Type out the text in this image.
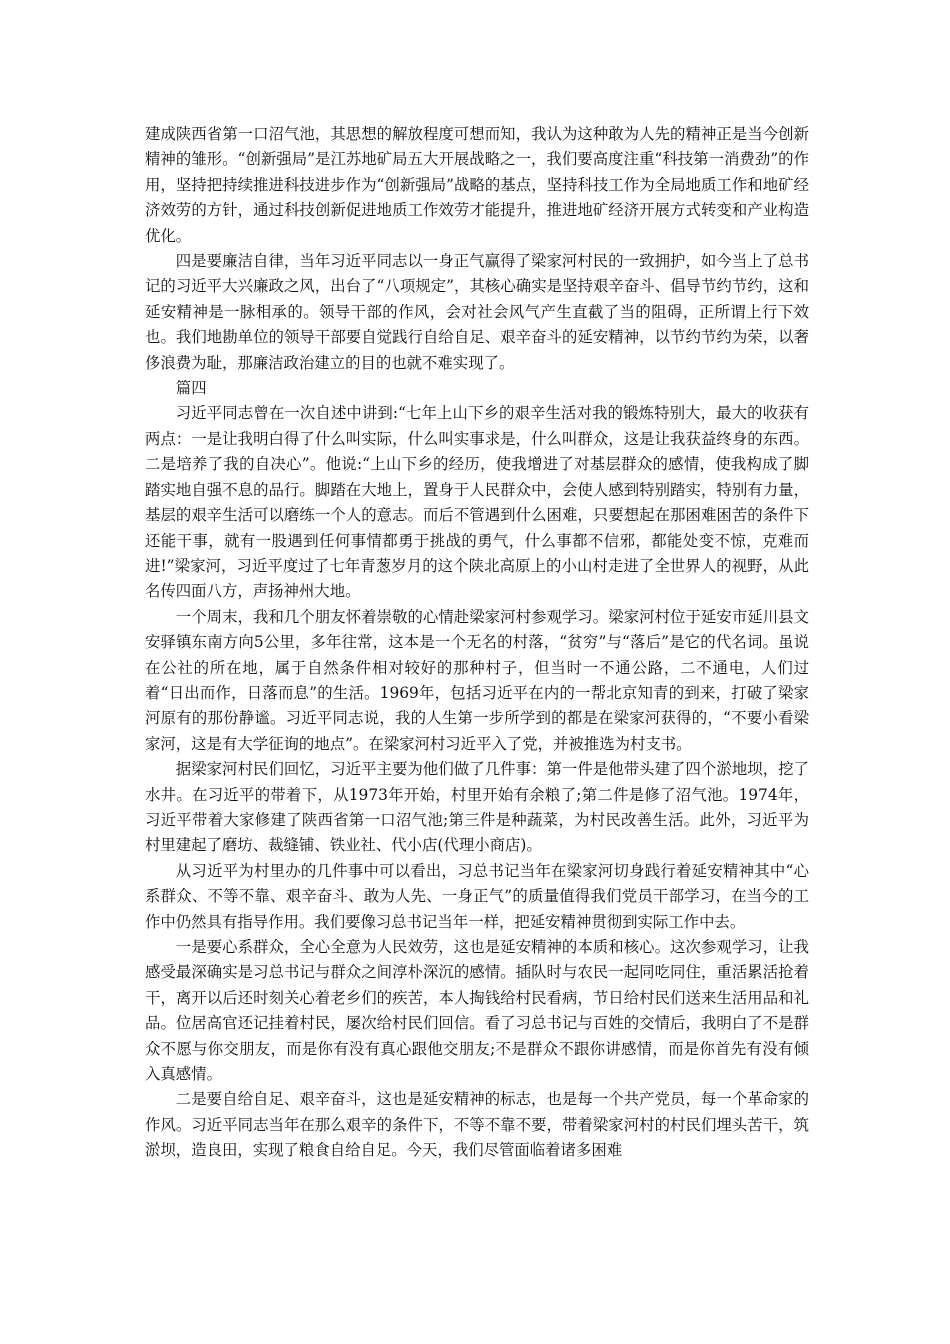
建成陕西省第一口沼气池，其思想的解放程度可想而知，我认为这种敢为人先的精神正是当今创新精神的雏形。“创新强局”是江苏地矿局五大开展战略之一，我们要高度注重“科技第一消费劲”的作用，坚持把持续推进科技进步作为“创新强局”战略的基点，坚持科技工作为全局地质工作和地矿经济效劳的方针，通过科技创新促进地质工作效劳才能提升，推进地矿经济开展方式转变和产业构造优化。

四是要廉洁自律，当年习近平同志以一身正气赢得了梁家河村民的一致拥护，如今当上了总书记的习近平大兴廉政之风，出台了“八项规定”，其核心确实是坚持艰辛奋斗、倡导节约节约，这和延安精神是一脉相承的。领导干部的作风，会对社会风气产生直截了当的阻碍，正所谓上行下效也。我们地勘单位的领导干部要自觉践行自给自足、艰辛奋斗的延安精神，以节约节约为荣，以奢侈浪费为耻，那廉洁政治建立的目的也就不难实现了。

篇四

习近平同志曾在一次自述中讲到:“七年上山下乡的艰辛生活对我的锻炼特别大，最大的收获有两点：一是让我明白得了什么叫实际，什么叫实事求是，什么叫群众，这是让我获益终身的东西。二是培养了我的自决心”。他说:“上山下乡的经历，使我增进了对基层群众的感情，使我构成了脚踏实地自强不息的品行。脚踏在大地上，置身于人民群众中，会使人感到特别踏实，特别有力量，基层的艰辛生活可以磨练一个人的意志。而后不管遇到什么困难，只要想起在那困难困苦的条件下还能干事，就有一股遇到任何事情都勇于挑战的勇气，什么事都不信邪，都能处变不惊，克难而进!”梁家河，习近平度过了七年青葱岁月的这个陕北高原上的小山村走进了全世界人的视野，从此名传四面八方，声扬神州大地。

一个周末，我和几个朋友怀着崇敬的心情赴梁家河村参观学习。梁家河村位于延安市延川县文安驿镇东南方向5公里，多年往常，这本是一个无名的村落，“贫穷”与“落后”是它的代名词。虽说在公社的所在地，属于自然条件相对较好的那种村子，但当时一不通公路，二不通电，人们过着“日出而作，日落而息”的生活。1969年，包括习近平在内的一帮北京知青的到来，打破了梁家河原有的那份静谧。习近平同志说，我的人生第一步所学到的都是在梁家河获得的，“不要小看梁家河，这是有大学征询的地点”。在梁家河村习近平入了党，并被推选为村支书。

据梁家河村民们回忆，习近平主要为他们做了几件事：第一件是他带头建了四个淤地坝，挖了水井。在习近平的带着下，从1973年开始，村里开始有余粮了;第二件是修了沼气池。1974年，习近平带着大家修建了陕西省第一口沼气池;第三件是种蔬菜，为村民改善生活。此外，习近平为村里建起了磨坊、裁缝铺、铁业社、代小店(代理小商店)。

从习近平为村里办的几件事中可以看出，习总书记当年在梁家河切身践行着延安精神其中“心系群众、不等不靠、艰辛奋斗、敢为人先、一身正气”的质量值得我们党员干部学习，在当今的工作中仍然具有指导作用。我们要像习总书记当年一样，把延安精神贯彻到实际工作中去。

一是要心系群众，全心全意为人民效劳，这也是延安精神的本质和核心。这次参观学习，让我感受最深确实是习总书记与群众之间淳朴深沉的感情。插队时与农民一起同吃同住，重活累活抢着干，离开以后还时刻关心着老乡们的疾苦，本人掏钱给村民看病，节日给村民们送来生活用品和礼品。位居高官还记挂着村民，屡次给村民们回信。看了习总书记与百姓的交情后，我明白了不是群众不愿与你交朋友，而是你有没有真心跟他交朋友;不是群众不跟你讲感情，而是你首先有没有倾入真感情。

二是要自给自足、艰辛奋斗，这也是延安精神的标志，也是每一个共产党员，每一个革命家的作风。习近平同志当年在那么艰辛的条件下，不等不靠不要，带着梁家河村的村民们埋头苦干，筑淤坝，造良田，实现了粮食自给自足。今天，我们尽管面临着诸多困难
